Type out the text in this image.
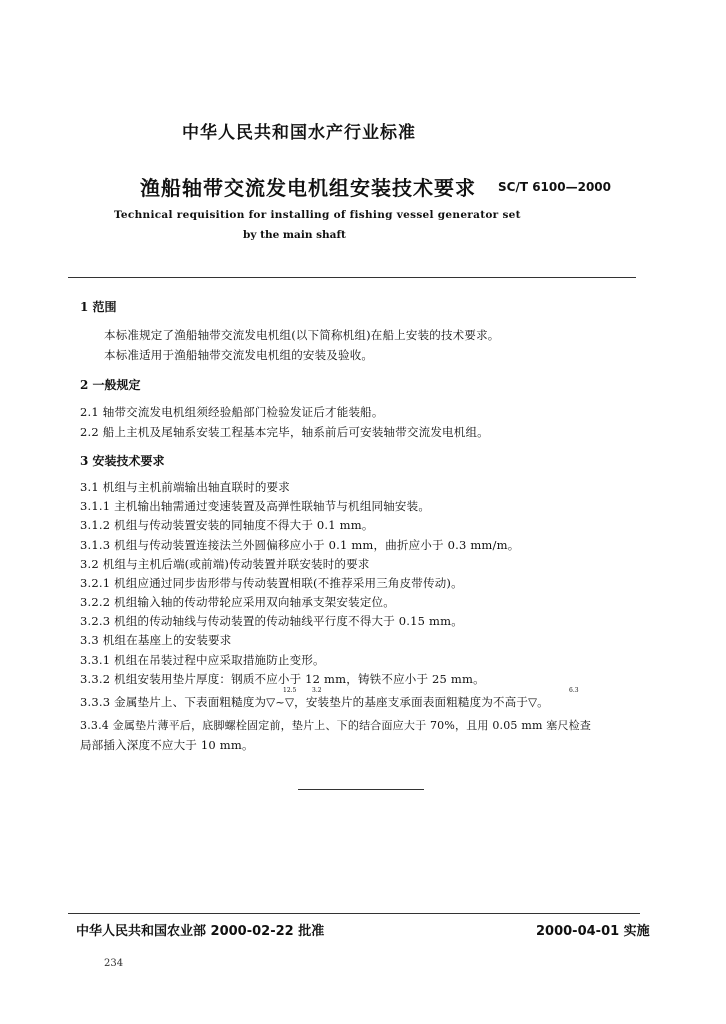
中华人民共和国水产行业标准
渔船轴带交流发电机组安装技术要求 SC/T 6100—2000
Technical requisition for installing of fishing vessel generator set
by the main shaft
1 范围
本标准规定了渔船轴带交流发电机组(以下简称机组)在船上安装的技术要求。
本标准适用于渔船轴带交流发电机组的安装及验收。
2 一般规定
2.1 轴带交流发电机组须经验船部门检验发证后才能装船。
2.2 船上主机及尾轴系安装工程基本完毕，轴系前后可安装轴带交流发电机组。
3 安装技术要求
3.1 机组与主机前端输出轴直联时的要求
3.1.1 主机输出轴需通过变速装置及高弹性联轴节与机组同轴安装。
3.1.2 机组与传动装置安装的同轴度不得大于 0.1 mm。
3.1.3 机组与传动装置连接法兰外圆偏移应小于 0.1 mm，曲折应小于 0.3 mm/m。
3.2 机组与主机后端(或前端)传动装置并联安装时的要求
3.2.1 机组应通过同步齿形带与传动装置相联(不推荐采用三角皮带传动)。
3.2.2 机组输入轴的传动带轮应采用双向轴承支架安装定位。
3.2.3 机组的传动轴线与传动装置的传动轴线平行度不得大于 0.15 mm。
3.3 机组在基座上的安装要求
3.3.1 机组在吊装过程中应采取措施防止变形。
3.3.2 机组安装用垫片厚度：钢质不应小于 12 mm，铸铁不应小于 25 mm。
3.3.3 金属垫片上、下表面粗糙度为▽~▽，安装垫片的基座支承面表面粗糙度为不高于▽。
12.5	3.2	6.3
3.3.4 金属垫片薄平后，底脚螺栓固定前，垫片上、下的结合面应大于 70%，且用 0.05 mm 塞尺检查
局部插入深度不应大于 10 mm。
中华人民共和国农业部 2000-02-22 批准	2000-04-01 实施
234
